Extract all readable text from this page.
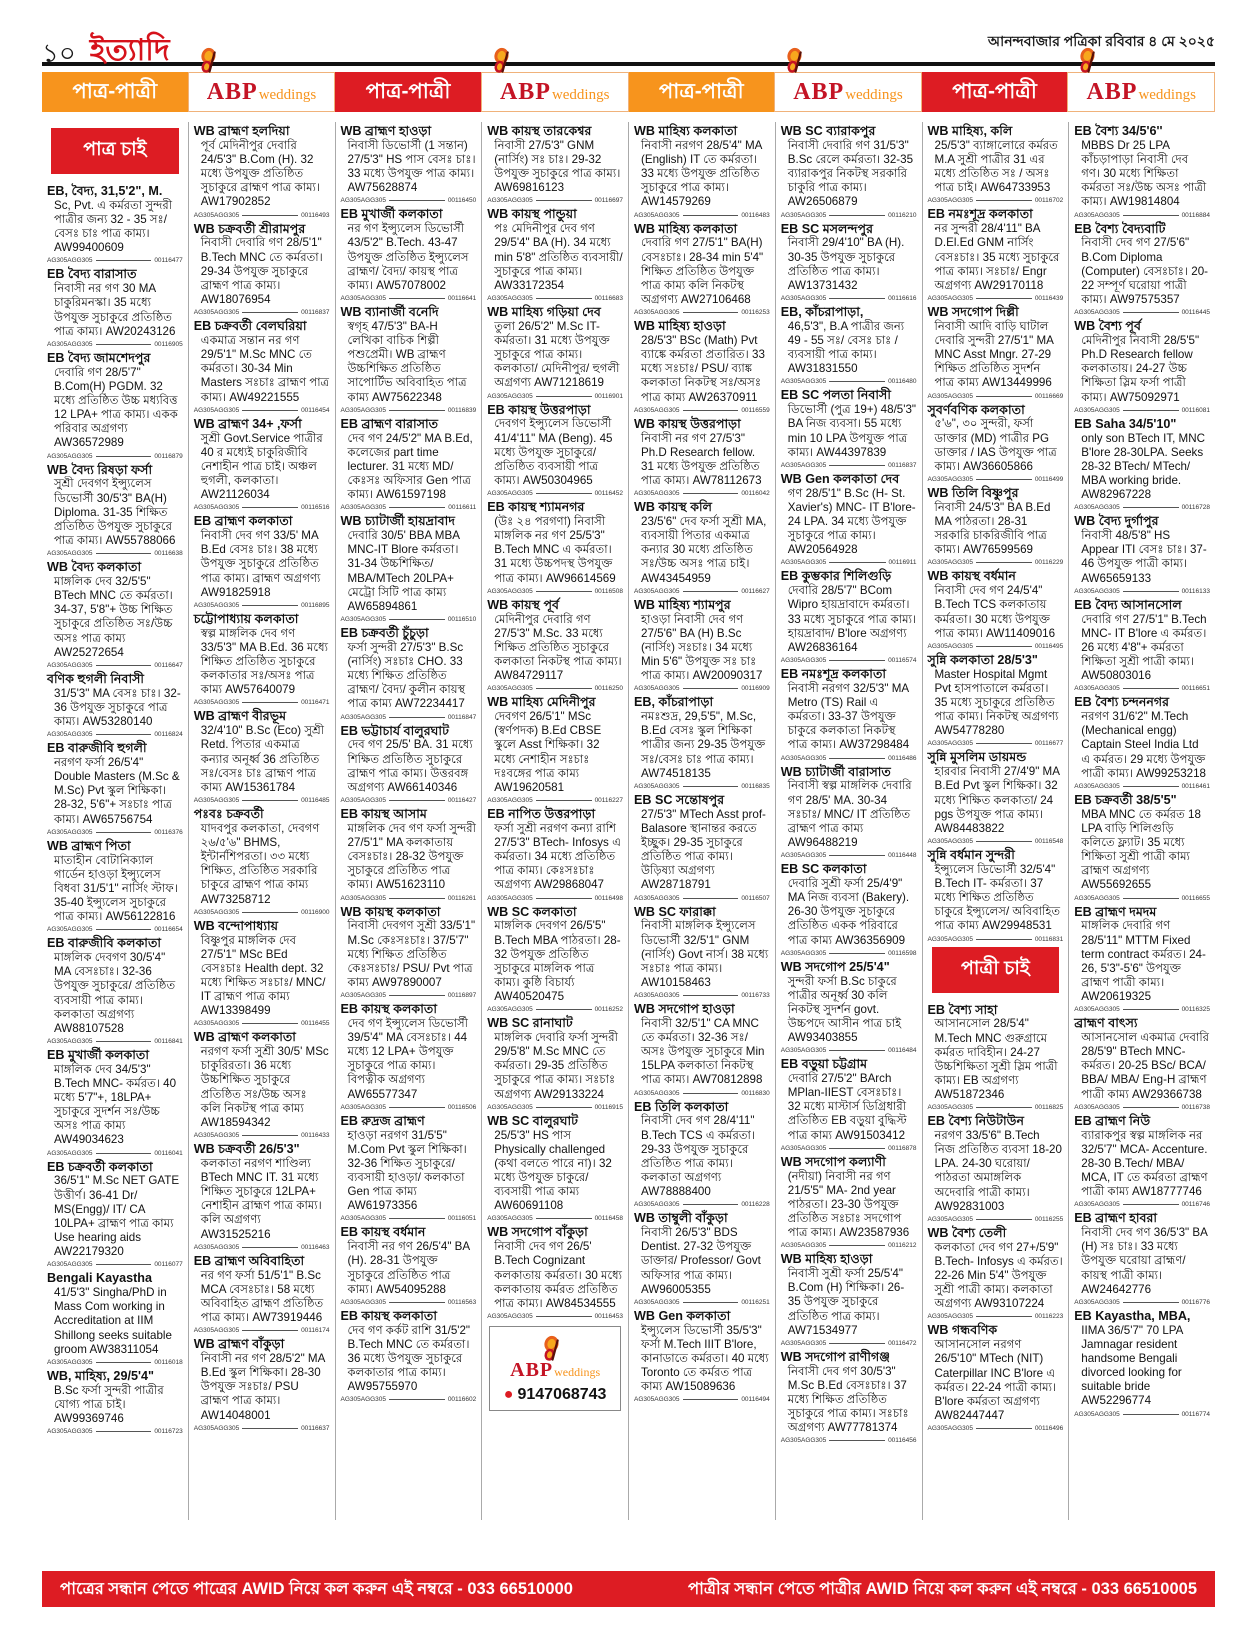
১০ ইত্যাদি	আনন্দবাজার পত্রিকা রবিবার ৪ মে ২০২৫
পাত্র-পাত্রী ABPweddings পাত্র-পাত্রী ABPweddings পাত্র-পাত্রী ABPweddings পাত্র-পাত্রী ABPweddings
পাত্র চাই
EB, বৈদ্য, 31,5'2", M.
Sc, Pvt. এ কর্মরতা সুন্দরী পাত্রীর জন্য 32 - 35 সঃ/ বেসঃ চাঃ পাত্র কাম্য। AW99400609
AG305AGG305	00116477
EB বৈদ্য বারাসাত
নিবাসী নর গণ 30 MA চাকুরিমনস্কা। 35 মধ্যে উপযুক্ত সুচাকুরে প্রতিষ্ঠিত পাত্র কাম্য। AW20243126
AG305AGG305	00116905
EB বৈদ্য জামশেদপুর
দেবারি গণ 28/5'7" B.Com(H) PGDM. 32 মধ্যে প্রতিষ্ঠিত উচ্চ মধ্যবিত্ত 12 LPA+ পাত্র কাম্য। একক পরিবার অগ্রগণ্য AW36572989
AG305AGG305	00116879
WB বৈদ্য রিষড়া ফর্সা
সুশ্রী দেবগণ ইন্স্যুলেস ডিভোর্সী 30/5'3" BA(H) Diploma. 31-35 শিক্ষিত প্রতিষ্ঠিত উপযুক্ত সুচাকুরে পাত্র কাম্য। AW55788066
AG305AGG305	00116638
WB বৈদ্য কলকাতা
মাঙ্গলিক দেব 32/5'5" BTech MNC তে কর্মরতা। 34-37, 5'8"+ উচ্চ শিক্ষিত সুচাকুরে প্রতিষ্ঠিত সঃ/উচ্চ অসঃ পাত্র কাম্য AW25272654
AG305AGG305	00116647
বণিক হুগলী নিবাসী
31/5'3" MA বেসঃ চাঃ। 32-36 উপযুক্ত সুচাকুরে পাত্র কাম্য। AW53280140
AG305AGG305	00116824
EB বারুজীবি হুগলী
নরগণ ফর্সা 26/5'4" Double Masters (M.Sc & M.Sc) Pvt স্কুল শিক্ষিকা। 28-32, 5'6"+ সঃচাঃ পাত্র কাম্য। AW65756754
AG305AGG305	00116376
WB ব্রাহ্মণ পিতা
মাতাহীন বোটানিক্যাল গার্ডেন হাওড়া ইন্স্যুলেস বিধবা 31/5'1" নার্সিং স্টাফ। 35-40 ইন্স্যুলেস সুচাকুরে পাত্র কাম্য। AW56122816
AG305AGG305	00116654
EB বারুজীবি কলকাতা
মাঙ্গলিক দেবগণ 30/5'4" MA বেসঃচাঃ। 32-36 উপযুক্ত সুচাকুরে/ প্রতিষ্ঠিত ব্যবসায়ী পাত্র কাম্য। কলকাতা অগ্রগণ্য AW88107528
AG305AGG305	00116841
EB মুখার্জী কলকাতা
মাঙ্গলিক দেব 34/5'3" B.Tech MNC- কর্মরত। 40 মধ্যে 5'7"+, 18LPA+ সুচাকুরে সুদর্শন সঃ/উচ্চ অসঃ পাত্র কাম্য AW49034623
AG305AGG305	00116041
EB চক্রবর্তী কলকাতা
36/5'1" M.Sc NET GATE উত্তীর্ণ। 36-41 Dr/ MS(Engg)/ IT/ CA 10LPA+ ব্রাহ্মণ পাত্র কাম্য Use hearing aids AW22179320
AG305AGG305	00116077
Bengali Kayastha
41/5'3" Singha/PhD in Mass Com working in Accreditation at IIM Shillong seeks suitable groom AW38311054
AG305AGG305	00116018
WB, মাহিষ্য, 29/5'4"
B.Sc ফর্সা সুন্দরী পাত্রীর যোগ্য পাত্র চাই। AW99369746
AG305AGG305	00116723
WB ব্রাহ্মণ হলদিয়া
পূর্ব মেদিনীপুর দেবারি 24/5'3" B.Com (H). 32 মধ্যে উপযুক্ত প্রতিষ্ঠিত সুচাকুরে ব্রাহ্মণ পাত্র কাম্য। AW17902852
AG305AGG305	00116493
WB চক্রবর্তী শ্রীরামপুর
নিবাসী দেবারি গণ 28/5'1" B.Tech MNC তে কর্মরতা। 29-34 উপযুক্ত সুচাকুরে ব্রাহ্মণ পাত্র কাম্য। AW18076954
AG305AGG305	00116837
EB চক্রবর্তী বেলঘরিয়া
একমাত্র সন্তান নর গণ 29/5'1" M.Sc MNC তে কর্মরতা। 30-34 Min Masters সঃচাঃ ব্রাহ্মণ পাত্র কাম্য। AW49221555
AG305AGG305	00116454
WB ব্রাহ্মণ 34+ ,ফর্সা
সুশ্রী Govt.Service পাত্রীর 40 র মধ্যেই চাকুরিজীবি নেশাহীন পাত্র চাই। অঞ্চল হুগলী, কলকাতা। AW21126034
AG305AGG305	00116516
EB ব্রাহ্মণ কলকাতা
নিবাসী দেব গণ 33/5' MA B.Ed বেসঃ চাঃ। 38 মধ্যে উপযুক্ত সুচাকুরে প্রতিষ্ঠিত পাত্র কাম্য। ব্রাহ্মণ অগ্রগণ্য AW91825918
AG305AGG305	00116895
চট্টোপাধ্যায় কলকাতা
স্বল্প মাঙ্গলিক দেব গণ 33/5'3" MA B.Ed. 36 মধ্যে শিক্ষিত প্রতিষ্ঠিত সুচাকুরে কলকাতার সঃ/অসঃ পাত্র কাম্য AW57640079
AG305AGG305	00116471
WB ব্রাহ্মণ বীরভূম
32/4'10" B.Sc (Eco) সুশ্রী Retd. পিতার একমাত্র কন্যার অনূর্ধ্ব 36 প্রতিষ্ঠিত সঃ/বেসঃ চাঃ ব্রাহ্মণ পাত্র কাম্য AW15361784
AG305AGG305	00116485
পঃবঃ চক্রবর্তী
যাদবপুর কলকাতা, দেবগণ ২৬/৫'৬" BHMS, ইন্টার্নশিপরতা। ৩৩ মধ্যে শিক্ষিত, প্রতিষ্ঠিত সরকারি চাকুরে ব্রাহ্মণ পাত্র কাম্য AW73258712
AG305AGG305	00116900
WB বন্দোপাধ্যায়
বিষ্ণুপুর মাঙ্গলিক দেব 27/5'1" MSc BEd বেসঃচাঃ Health dept. 32 মধ্যে শিক্ষিত সঃচাঃ/ MNC/ IT ব্রাহ্মণ পাত্র কাম্য AW13398499
AG305AGG305	00116455
WB ব্রাহ্মণ কলকাতা
নরগণ ফর্সা সুশ্রী 30/5' MSc চাকুরিরতা। 36 মধ্যে উচ্চশিক্ষিত সুচাকুরে প্রতিষ্ঠিত সঃ/উচ্চ অসঃ কলি নিকটস্থ পাত্র কাম্য AW18594342
AG305AGG305	00116433
WB চক্রবর্তী 26/5'3"
কলকাতা নরগণ শাণ্ডিল্য BTech MNC IT. 31 মধ্যে শিক্ষিত সুচাকুরে 12LPA+ নেশাহীন ব্রাহ্মণ পাত্র কাম্য। কলি অগ্রগণ্য AW31525216
AG305AGG305	00116463
EB ব্রাহ্মণ অবিবাহিতা
নর গণ ফর্সা 51/5'1" B.Sc MCA বেসঃচাঃ। 58 মধ্যে অবিবাহিত ব্রাহ্মণ প্রতিষ্ঠিত পাত্র কাম্য। AW73919446
AG305AGG305	00116174
WB ব্রাহ্মণ বাঁকুড়া
নিবাসী নর গণ 28/5'2" MA B.Ed স্কুল শিক্ষিকা। 28-30 উপযুক্ত সঃচাঃ/ PSU ব্রাহ্মণ পাত্র কাম্য। AW14048001
AG305AGG305	00116637
WB ব্রাহ্মণ হাওড়া
নিবাসী ডিভোর্সী (1 সন্তান) 27/5'3" HS পাস বেসঃ চাঃ। 33 মধ্যে উপযুক্ত পাত্র কাম্য। AW75628874
AG305AGG305	00116450
EB মুখার্জী কলকাতা
নর গণ ইন্স্যুলেস ডিভোর্সী 43/5'2" B.Tech. 43-47 উপযুক্ত প্রতিষ্ঠিত ইন্স্যুলেস ব্রাহ্মণ/ বৈদ্য/ কায়স্থ পাত্র কাম্য। AW57078002
AG305AGG305	00116641
WB ব্যানার্জী বনেদি
স্বগৃহ 47/5'3" BA-H লেখিকা বাচিক শিল্পী পশুপ্রেমী। WB ব্রাহ্মণ উচ্চশিক্ষিত প্রতিষ্ঠিত সাপোর্টিভ অবিবাহিত পাত্র কাম্য AW75622348
AG305AGG305	00116839
EB ব্রাহ্মণ বারাসাত
দেব গণ 24/5'2" MA B.Ed, কলেজের part time lecturer. 31 মধ্যে MD/ কেঃসঃ অফিসার Gen পাত্র কাম্য। AW61597198
AG305AGG305	00116611
WB চ্যাটার্জী হায়দ্রাবাদ
দেবারি 30/5' BBA MBA MNC-IT Blore কর্মরতা। 31-34 উচ্চশিক্ষিত/ MBA/MTech 20LPA+ মেট্রো সিটি পাত্র কাম্য AW65894861
AG305AGG305	00116510
EB চক্রবর্তী চুঁচুড়া
ফর্সা সুন্দরী 27/5'3" B.Sc (নার্সিং) সঃচাঃ CHO. 33 মধ্যে শিক্ষিত প্রতিষ্ঠিত ব্রাহ্মণ/ বৈদ্য/ কুলীন কায়স্থ পাত্র কাম্য AW72234417
AG305AGG305	00116847
EB ভট্টাচার্য বালুরঘাট
দেব গণ 25/5' BA. 31 মধ্যে শিক্ষিত প্রতিষ্ঠিত সুচাকুরে ব্রাহ্মণ পাত্র কাম্য। উত্তরবঙ্গ অগ্রগণ্য AW66140346
AG305AGG305	00116427
EB কায়স্থ আসাম
মাঙ্গলিক দেব গণ ফর্সা সুন্দরী 27/5'1" MA কলকাতায় বেসঃচাঃ। 28-32 উপযুক্ত সুচাকুরে প্রতিষ্ঠিত পাত্র কাম্য। AW51623110
AG305AGG305	00116261
WB কায়স্থ কলকাতা
নিবাসী দেবগণ সুশ্রী 33/5'1" M.Sc কেঃসঃচাঃ। 37/5'7" মধ্যে শিক্ষিত প্রতিষ্ঠিত কেঃসঃচাঃ/ PSU/ Pvt পাত্র কাম্য AW97890007
AG305AGG305	00116897
EB কায়স্থ কলকাতা
দেব গণ ইন্স্যুলেস ডিভোর্সী 39/5'4" MA বেসঃচাঃ। 44 মধ্যে 12 LPA+ উপযুক্ত সুচাকুরে পাত্র কাম্য। বিপত্নীক অগ্রগণ্য AW65577347
AG305AGG305	00116506
EB রুদ্রজ ব্রাহ্মণ
হাওড়া নরগণ 31/5'5" M.Com Pvt স্কুল শিক্ষিকা। 32-36 শিক্ষিত সুচাকুরে/ ব্যবসায়ী হাওড়া/ কলকাতা Gen পাত্র কাম্য AW61973356
AG305AGG305	00116051
EB কায়স্থ বর্ধমান
নিবাসী নর গণ 26/5'4" BA (H). 28-31 উপযুক্ত সুচাকুরে প্রতিষ্ঠিত পাত্র কাম্য। AW54095288
AG305AGG305	00116563
EB কায়স্থ কলকাতা
দেব গণ কর্কট রাশি 31/5'2" B.Tech MNC তে কর্মরতা। 36 মধ্যে উপযুক্ত সুচাকুরে কলকাতার পাত্র কাম্য। AW95755970
AG305AGG305	00116602
WB কায়স্থ তারকেশ্বর
নিবাসী 27/5'3" GNM (নার্সিং) সঃ চাঃ। 29-32 উপযুক্ত সুচাকুরে পাত্র কাম্য। AW69816123
AG305AGG305	00116697
WB কায়স্থ পান্ডুয়া
পঃ মেদিনীপুর দেব গণ 29/5'4" BA (H). 34 মধ্যে min 5'8" প্রতিষ্ঠিত ব্যবসায়ী/ সুচাকুরে পাত্র কাম্য। AW33172354
AG305AGG305	00116683
WB মাহিষ্য গড়িয়া দেব
তুলা 26/5'2" M.Sc IT- কর্মরতা। 31 মধ্যে উপযুক্ত সুচাকুরে পাত্র কাম্য। কলকাতা/ মেদিনীপুর/ হুগলী অগ্রগণ্য AW71218619
AG305AGG305	00116901
EB কায়স্থ উত্তরপাড়া
দেবগণ ইন্স্যুলেস ডিভোর্সী 41/4'11" MA (Beng). 45 মধ্যে উপযুক্ত সুচাকুরে/ প্রতিষ্ঠিত ব্যবসায়ী পাত্র কাম্য। AW50304965
AG305AGG305	00116452
EB কায়স্থ শ্যামনগর
(উঃ ২৪ পরগণা) নিবাসী মাঙ্গলিক নর গণ 25/5'3" B.Tech MNC এ কর্মরতা। 31 মধ্যে উচ্চপদস্থ উপযুক্ত পাত্র কাম্য। AW96614569
AG305AGG305	00116508
WB কায়স্থ পূর্ব
মেদিনীপুর দেবারি গণ 27/5'3" M.Sc. 33 মধ্যে শিক্ষিত প্রতিষ্ঠিত সুচাকুরে কলকাতা নিকটস্থ পাত্র কাম্য। AW84729117
AG305AGG305	00116250
WB মাহিষ্য মেদিনীপুর
দেবগণ 26/5'1" MSc (স্বর্ণপদক) B.Ed CBSE স্কুলে Asst শিক্ষিকা। 32 মধ্যে নেশাহীন সঃচাঃ দঃবঙ্গের পাত্র কাম্য AW19620581
AG305AGG305	00116227
EB নাপিত উত্তরপাড়া
ফর্সা সুশ্রী নরগণ কন্যা রাশি 27/5'3" BTech- Infosys এ কর্মরতা। 34 মধ্যে প্রতিষ্ঠিত পাত্র কাম্য। কেঃসঃচাঃ অগ্রগণ্য AW29868047
AG305AGG305	00116498
WB SC কলকাতা
মাঙ্গলিক দেবগণ 26/5'5" B.Tech MBA পাঠরতা। 28-32 উপযুক্ত প্রতিষ্ঠিত সুচাকুরে মাঙ্গলিক পাত্র কাম্য। কুষ্ঠি বিচার্য্য AW40520475
AG305AGG305	00116252
WB SC রানাঘাট
মাঙ্গলিক দেবারি ফর্সা সুন্দরী 29/5'8" M.Sc MNC তে কর্মরতা। 29-35 প্রতিষ্ঠিত সুচাকুরে পাত্র কাম্য। সঃচাঃ অগ্রগণ্য AW29133224
AG305AGG305	00116915
WB SC বালুরঘাট
25/5'3" HS পাস Physically challenged (কথা বলতে পারে না)। 32 মধ্যে উপযুক্ত চাকুরে/ ব্যবসায়ী পাত্র কাম্য AW60691108
AG305AGG305	00116458
WB সদগোপ বাঁকুড়া
নিবাসী দেব গণ 26/5' B.Tech Cognizant কলকাতায় কর্মরতা। 30 মধ্যে কলকাতায় কর্মরত প্রতিষ্ঠিত পাত্র কাম্য। AW84534555
AG305AGG305	00116453
ABPweddings
● 9147068743
WB মাহিষ্য কলকাতা
নিবাসী নরগণ 28/5'4" MA (English) IT তে কর্মরতা। 33 মধ্যে উপযুক্ত প্রতিষ্ঠিত সুচাকুরে পাত্র কাম্য। AW14579269
AG305AGG305	00116483
WB মাহিষ্য কলকাতা
দেবারি গণ 27/5'1" BA(H) বেসঃচাঃ। 28-34 min 5'4" শিক্ষিত প্রতিষ্ঠিত উপযুক্ত পাত্র কাম্য কলি নিকটস্থ অগ্রগণ্য AW27106468
AG305AGG305	00116253
WB মাহিষ্য হাওড়া
28/5'3" BSc (Math) Pvt ব্যাঙ্কে কর্মরতা প্রতারিত। 33 মধ্যে সঃচাঃ/ PSU/ ব্যাঙ্ক কলকাতা নিকটস্থ সঃ/অসঃ পাত্র কাম্য AW26370911
AG305AGG305	00116559
WB কায়স্থ উত্তরপাড়া
নিবাসী নর গণ 27/5'3" Ph.D Research fellow. 31 মধ্যে উপযুক্ত প্রতিষ্ঠিত পাত্র কাম্য। AW78112673
AG305AGG305	00116042
WB কায়স্থ কলি
23/5'6" দেব ফর্সা সুশ্রী MA, ব্যবসায়ী পিতার একমাত্র কন্যার 30 মধ্যে প্রতিষ্ঠিত সঃ/উচ্চ অসঃ পাত্র চাই। AW43454959
AG305AGG305	00116627
WB মাহিষ্য শ্যামপুর
হাওড়া নিবাসী দেব গণ 27/5'6" BA (H) B.Sc (নার্সিং) সঃচাঃ। 34 মধ্যে Min 5'6" উপযুক্ত সঃ চাঃ পাত্র কাম্য। AW20090317
AG305AGG305	00116909
EB, কাঁচরাপাড়া
নমঃশুদ্র, 29,5'5", M.Sc, B.Ed বেসঃ স্কুল শিক্ষিকা পাত্রীর জন্য 29-35 উপযুক্ত সঃ/বেসঃ চাঃ পাত্র কাম্য। AW74518135
AG305AGG305	00116835
EB SC সন্তোষপুর
27/5'3" MTech Asst prof- Balasore স্থানান্তর করতে ইচ্ছুক। 29-35 সুচাকুরে প্রতিষ্ঠিত পাত্র কাম্য। উড়িষ্যা অগ্রগণ্য AW28718791
AG305AGG305	00116507
WB SC ফারাক্কা
নিবাসী মাঙ্গলিক ইন্স্যুলেস ডিভোর্সী 32/5'1" GNM (নার্সিং) Govt নার্স। 38 মধ্যে সঃচাঃ পাত্র কাম্য। AW10158463
AG305AGG305	00116733
WB সদগোপ হাওড়া
নিবাসী 32/5'1" CA MNC তে কর্মরতা। 32-36 সঃ/অসঃ উপযুক্ত সুচাকুরে Min 15LPA কলকাতা নিকটস্থ পাত্র কাম্য। AW70812898
AG305AGG305	00116830
EB তিলি কলকাতা
নিবাসী দেব গণ 28/4'11" B.Tech TCS এ কর্মরতা। 29-33 উপযুক্ত সুচাকুরে প্রতিষ্ঠিত পাত্র কাম্য। কলকাতা অগ্রগণ্য AW78888400
AG305AGG305	00116228
WB তাম্বুলী বাঁকুড়া
নিবাসী 26/5'3" BDS Dentist. 27-32 উপযুক্ত ডাক্তার/ Professor/ Govt অফিসার পাত্র কাম্য। AW96005355
AG305AGG305	00116251
WB Gen কলকাতা
ইন্স্যুলেস ডিভোর্সী 35/5'3" ফর্সা M.Tech IIIT B'lore, কানাডাতে কর্মরতা। 40 মধ্যে Toronto তে কর্মরত পাত্র কাম্য AW15089636
AG305AGG305	00116494
WB SC ব্যারাকপুর
নিবাসী দেবারি গণ 31/5'3" B.Sc রেলে কর্মরতা। 32-35 ব্যারাকপুর নিকটস্থ সরকারি চাকুরি পাত্র কাম্য। AW26506879
AG305AGG305	00116210
EB SC মসলন্দপুর
নিবাসী 29/4'10" BA (H). 30-35 উপযুক্ত সুচাকুরে প্রতিষ্ঠিত পাত্র কাম্য। AW13731432
AG305AGG305	00116616
EB, কাঁচরাপাড়া,
46,5'3", B.A পাত্রীর জন্য 49 - 55 সঃ/ বেসঃ চাঃ /ব্যবসায়ী পাত্র কাম্য। AW31831550
AG305AGG305	00116480
EB SC পলতা নিবাসী
ডিভোর্সী (পুত্র 19+) 48/5'3" BA নিজ ব্যবসা। 55 মধ্যে min 10 LPA উপযুক্ত পাত্র কাম্য। AW44397839
AG305AGG305	00116837
WB Gen কলকাতা দেব
গণ 28/5'1" B.Sc (H- St. Xavier's) MNC- IT B'lore- 24 LPA. 34 মধ্যে উপযুক্ত সুচাকুরে পাত্র কাম্য। AW20564928
AG305AGG305	00116911
EB কুম্ভকার শিলিগুড়ি
দেবারি 28/5'7" BCom Wipro হায়দ্রাবাদে কর্মরতা। 33 মধ্যে সুচাকুরে পাত্র কাম্য। হায়দ্রাবাদ/ B'lore অগ্রগণ্য AW26836164
AG305AGG305	00116574
EB নমঃশূদ্র কলকাতা
নিবাসী নরগণ 32/5'3" MA Metro (TS) Rail এ কর্মরতা। 33-37 উপযুক্ত চাকুরে কলকাতা নিকটস্থ পাত্র কাম্য। AW37298484
AG305AGG305	00116486
WB চ্যাটার্জী বারাসাত
নিবাসী স্বল্প মাঙ্গলিক দেবারি গণ 28/5' MA. 30-34 সঃচাঃ/ MNC/ IT প্রতিষ্ঠিত ব্রাহ্মণ পাত্র কাম্য AW96488219
AG305AGG305	00116448
EB SC কলকাতা
দেবারি সুশ্রী ফর্সা 25/4'9" MA নিজ ব্যবসা (Bakery). 26-30 উপযুক্ত সুচাকুরে প্রতিষ্ঠিত একক পরিবারে পাত্র কাম্য AW36356909
AG305AGG305	00116598
WB সদগোপ 25/5'4"
সুন্দরী ফর্সা B.Sc চাকুরে পাত্রীর অনূর্ধ্ব 30 কলি নিকটস্থ সুদর্শন govt. উচ্চপদে আসীন পাত্র চাই AW93403855
AG305AGG305	00116484
EB বড়ুয়া চট্টগ্রাম
দেবারি 27/5'2" BArch MPlan-IIEST বেসঃচাঃ। 32 মধ্যে মাস্টার্স ডিগ্রিধারী প্রতিষ্ঠিত EB বড়ুয়া বুদ্ধিস্ট পাত্র কাম্য AW91503412
AG305AGG305	00116878
WB সদগোপ কল্যাণী
(নদীয়া) নিবাসী নর গণ 21/5'5" MA- 2nd year পাঠরতা। 23-30 উপযুক্ত প্রতিষ্ঠিত সঃচাঃ সদগোপ পাত্র কাম্য। AW23587936
AG305AGG305	00116212
WB মাহিষ্য হাওড়া
নিবাসী সুশ্রী ফর্সা 25/5'4" B.Com (H) শিক্ষিকা। 26-35 উপযুক্ত সুচাকুরে প্রতিষ্ঠিত পাত্র কাম্য। AW71534977
AG305AGG305	00116472
WB সদগোপ রাণীগঞ্জ
নিবাসী দেব গণ 30/5'3" M.Sc B.Ed বেসঃচাঃ। 37 মধ্যে শিক্ষিত প্রতিষ্ঠিত সুচাকুরে পাত্র কাম্য। সঃচাঃ অগ্রগণ্য AW77781374
AG305AGG305	00116456
WB মাহিষ্য, কলি
25/5'3" ব্যাঙ্গালোরে কর্মরত M.A সুশ্রী পাত্রীর 31 এর মধ্যে প্রতিষ্ঠিত সঃ / অসঃ পাত্র চাই। AW64733953
AG305AGG305	00116702
EB নমঃশূদ্র কলকাতা
নর সুন্দরী 28/4'11" BA D.El.Ed GNM নার্সিং বেসঃচাঃ। 35 মধ্যে সুচাকুরে পাত্র কাম্য। সঃচাঃ/ Engr অগ্রগণ্য AW29170118
AG305AGG305	00116439
WB সদগোপ দিল্লী
নিবাসী আদি বাড়ি ঘাটাল দেবারি সুন্দরী 27/5'1" MA MNC Asst Mngr. 27-29 শিক্ষিত প্রতিষ্ঠিত সুদর্শন পাত্র কাম্য AW13449996
AG305AGG305	00116669
সুবর্ণবণিক কলকাতা
৫'৬", ৩০ সুন্দরী, ফর্সা ডাক্তার (MD) পাত্রীর PG ডাক্তার / IAS উপযুক্ত পাত্র কাম্য। AW36605866
AG305AGG305	00116499
WB তিলি বিষ্ণুপুর
নিবাসী 24/5'3" BA B.Ed MA পাঠরতা। 28-31 সরকারি চাকরিজীবি পাত্র কাম্য। AW76599569
AG305AGG305	00116229
WB কায়স্থ বর্ধমান
নিবাসী দেব গণ 24/5'4" B.Tech TCS কলকাতায় কর্মরতা। 30 মধ্যে উপযুক্ত পাত্র কাম্য। AW11409016
AG305AGG305	00116495
সুন্নি কলকাতা 28/5'3"
Master Hospital Mgmt Pvt হাসপাতালে কর্মরতা। 35 মধ্যে সুচাকুরে প্রতিষ্ঠিত পাত্র কাম্য। নিকটস্থ অগ্রগণ্য AW54778280
AG305AGG305	00116677
সুন্নি মুসলিম ডায়মন্ড
হারবার নিবাসী 27/4'9" MA B.Ed Pvt স্কুল শিক্ষিকা। 32 মধ্যে শিক্ষিত কলকাতা/ 24 pgs উপযুক্ত পাত্র কাম্য। AW84483822
AG305AGG305	00116548
সুন্নি বর্ধমান সুন্দরী
ইন্স্যুলেস ডিভোর্সী 32/5'4" B.Tech IT- কর্মরতা। 37 মধ্যে শিক্ষিত প্রতিষ্ঠিত চাকুরে ইন্স্যুলেস/ অবিবাহিত পাত্র কাম্য AW29948531
AG305AGG305	00116831
পাত্রী চাই
EB বৈশ্য সাহা
আসানসোল 28/5'4" M.Tech MNC গুরুগ্রামে কর্মরত দাবিহীন। 24-27 উচ্চশিক্ষিতা সুশ্রী স্লিম পাত্রী কাম্য। EB অগ্রগণ্য AW51872346
AG305AGG305	00116825
EB বৈশ্য নিউটাউন
নরগণ 33/5'6" B.Tech নিজ প্রতিষ্ঠিত ব্যবসা 18-20 LPA. 24-30 ঘরোয়া/ পাঠরতা অমাঙ্গলিক অদেবারি পাত্রী কাম্য। AW92831003
AG305AGG305	00116255
WB বৈশ্য তেলী
কলকাতা দেব গণ 27+/5'9" B.Tech- Infosys এ কর্মরত। 22-26 Min 5'4" উপযুক্ত সুশ্রী পাত্রী কাম্য। কলকাতা অগ্রগণ্য AW93107224
AG305AGG305	00116223
WB গন্ধবণিক
আসানসোল নরগণ 26/5'10" MTech (NIT) Caterpillar INC B'lore এ কর্মরত। 22-24 পাত্রী কাম্য। B'lore কর্মরতা অগ্রগণ্য AW82447447
AG305AGG305	00116496
EB বৈশ্য 34/5'6''
MBBS Dr 25 LPA কাঁচড়াপাড়া নিবাসী দেব গণ। 30 মধ্যে শিক্ষিতা কর্মরতা সঃ/উচ্চ অসঃ পাত্রী কাম্য। AW19814804
AG305AGG305	00116884
EB বৈশ্য বৈদ্যবাটি
নিবাসী দেব গণ 27/5'6" B.Com Diploma (Computer) বেসঃচাঃ। 20-22 সম্পূর্ণ ঘরোয়া পাত্রী কাম্য। AW97575357
AG305AGG305	00116445
WB বৈশ্য পূর্ব
মেদিনীপুর নিবাসী 28/5'5" Ph.D Research fellow কলকাতায়। 24-27 উচ্চ শিক্ষিতা স্লিম ফর্সা পাত্রী কাম্য। AW75092971
AG305AGG305	00116081
EB Saha 34/5'10"
only son BTech IT, MNC B'lore 28-30LPA. Seeks 28-32 BTech/ MTech/ MBA working bride. AW82967228
AG305AGG305	00116728
WB বৈদ্য দুর্গাপুর
নিবাসী 48/5'8" HS Appear ITI বেসঃ চাঃ। 37-46 উপযুক্ত পাত্রী কাম্য। AW65659133
AG305AGG305	00116133
EB বৈদ্য আসানসোল
দেবারি গণ 27/5'1" B.Tech MNC- IT B'lore এ কর্মরত। 26 মধ্যে 4'8"+ কর্মরতা শিক্ষিতা সুশ্রী পাত্রী কাম্য। AW50803016
AG305AGG305	00116651
EB বৈশ্য চন্দননগর
নরগণ 31/6'2" M.Tech (Mechanical engg) Captain Steel India Ltd এ কর্মরত। 29 মধ্যে উপযুক্ত পাত্রী কাম্য। AW99253218
AG305AGG305	00116461
EB চক্রবর্তী 38/5'5"
MBA MNC তে কর্মরত 18 LPA বাড়ি শিলিগুড়ি কলিতে ফ্ল্যাট। 35 মধ্যে শিক্ষিতা সুশ্রী পাত্রী কাম্য ব্রাহ্মণ অগ্রগণ্য AW55692655
AG305AGG305	00116655
EB ব্রাহ্মণ দমদম
মাঙ্গলিক দেবারি গণ 28/5'11" MTTM Fixed term contract কর্মরত। 24-26, 5'3"-5'6" উপযুক্ত ব্রাহ্মণ পাত্রী কাম্য। AW20619325
AG305AGG305	00116325
ব্রাহ্মণ বাৎস্য
আসানসোল একমাত্র দেবারি 28/5'9" BTech MNC- কর্মরত। 20-25 BSc/ BCA/ BBA/ MBA/ Eng-H ব্রাহ্মণ পাত্রী কাম্য AW29366738
AG305AGG305	00116738
EB ব্রাহ্মণ নিউ
ব্যারাকপুর স্বল্প মাঙ্গলিক নর 32/5'7" MCA- Accenture. 28-30 B.Tech/ MBA/ MCA, IT তে কর্মরতা ব্রাহ্মণ পাত্রী কাম্য AW18777746
AG305AGG305	00116746
EB ব্রাহ্মণ হাবরা
নিবাসী দেব গণ 36/5'3" BA (H) সঃ চাঃ। 33 মধ্যে উপযুক্ত ঘরোয়া ব্রাহ্মণ/ কায়স্থ পাত্রী কাম্য। AW24642776
AG305AGG305	00116776
EB Kayastha, MBA,
IIMA 36/5'7" 70 LPA Jamnagar resident handsome Bengali divorced looking for suitable bride AW52296774
AG305AGG305	00116774
পাত্রের সন্ধান পেতে পাত্রের AWID নিয়ে কল করুন এই নম্বরে - 033 66510000	পাত্রীর সন্ধান পেতে পাত্রীর AWID নিয়ে কল করুন এই নম্বরে - 033 66510005
